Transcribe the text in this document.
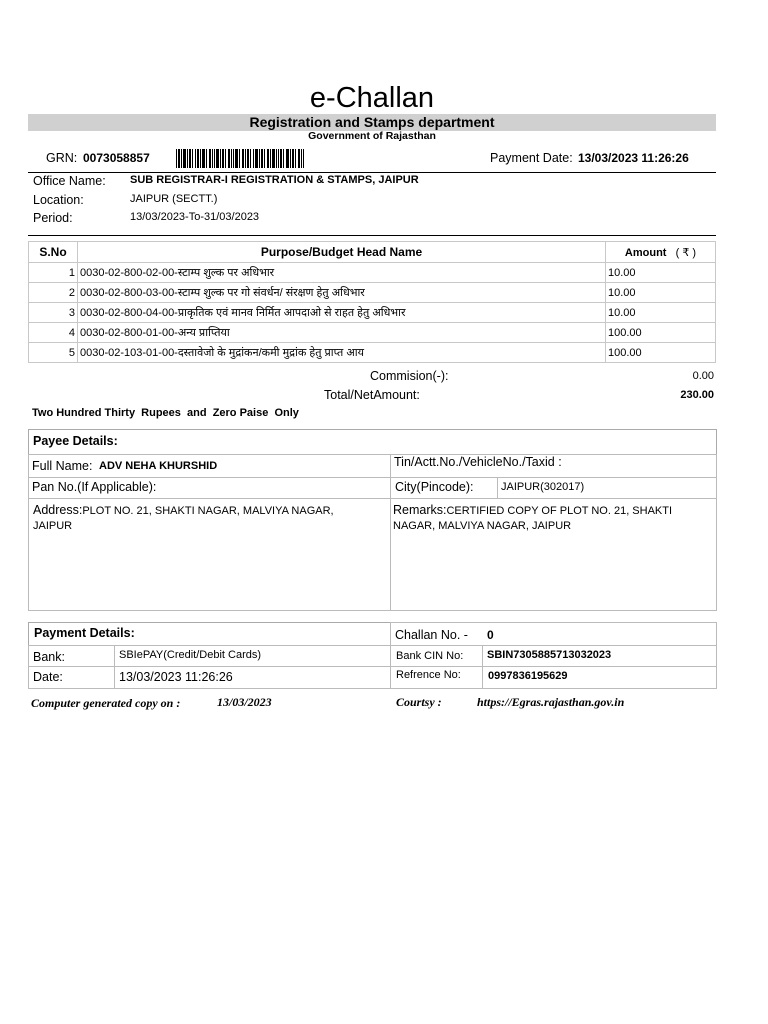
e-Challan
Registration and Stamps department
Government of Rajasthan
GRN: 0073058857	Payment Date: 13/03/2023 11:26:26
Office Name: SUB REGISTRAR-I REGISTRATION & STAMPS, JAIPUR
Location:	JAIPUR (SECTT.)
Period:	13/03/2023-To-31/03/2023
S.No	Purpose/Budget Head Name	Amount ( ₹ )
1	0030-02-800-02-00-स्टाम्प शुल्क पर अधिभार	10.00
2	0030-02-800-03-00-स्टाम्प शुल्क पर गो संवर्धन/ संरक्षण हेतु अधिभार	10.00
3	0030-02-800-04-00-प्राकृतिक एवं मानव निर्मित आपदाओ से राहत हेतु अधिभार	10.00
4	0030-02-800-01-00-अन्य प्राप्तिया	100.00
5	0030-02-103-01-00-दस्तावेजो के मुद्रांकन/कमी मुद्रांक हेतु प्राप्त आय	100.00
Commision(-):	0.00
Total/NetAmount:	230.00
Two Hundred Thirty  Rupees  and  Zero Paise  Only
Payee Details:
Full Name: ADV NEHA KHURSHID	Tin/Actt.No./VehicleNo./Taxid :
Pan No.(If Applicable):	City(Pincode):	JAIPUR(302017)
Address:PLOT NO. 21, SHAKTI NAGAR, MALVIYA NAGAR, JAIPUR
Remarks:CERTIFIED COPY OF PLOT NO. 21, SHAKTI NAGAR, MALVIYA NAGAR, JAIPUR
Payment Details:	Challan No. - 0
Bank:	SBIePAY(Credit/Debit Cards)	Bank CIN No: SBIN7305885713032023
Date:	13/03/2023 11:26:26	Refrence No: 0997836195629
Computer generated copy on :	13/03/2023	Courtsy :	https://Egras.rajasthan.gov.in
